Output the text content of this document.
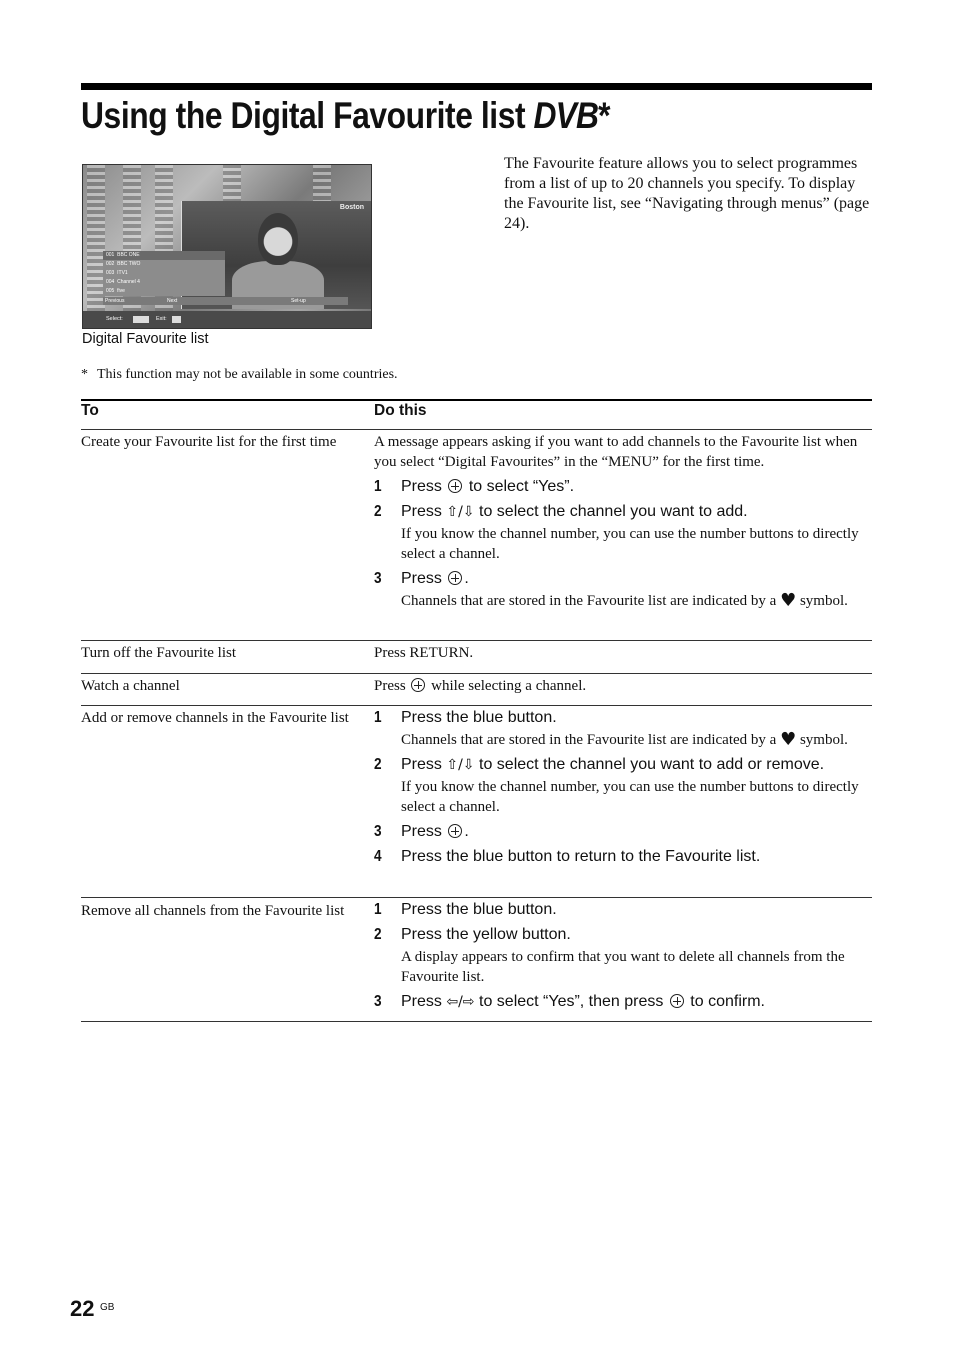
Using the Digital Favourite list DVB*
Boston
001 BBC ONE
002 BBC TWO
003 ITV1
004 Channel 4
005 five
Previous	Next	Set-up
Select:	Exit:
Digital Favourite list
The Favourite feature allows you to select programmes from a list of up to 20 channels you specify. To display the Favourite list, see “Navigating through menus” (page 24).
* This function may not be available in some countries.
To	Do this
Create your Favourite list for the first time	A message appears asking if you want to add channels to the Favourite list when you select “Digital Favourites” in the “MENU” for the first time.
1 Press to select “Yes”.
2 Press ⇧/⇩ to select the channel you want to add.
If you know the channel number, you can use the number buttons to directly select a channel.
3 Press .
Channels that are stored in the Favourite list are indicated by a ♥ symbol.
Turn off the Favourite list	Press RETURN.
Watch a channel	Press while selecting a channel.
Add or remove channels in the Favourite list	1 Press the blue button.
Channels that are stored in the Favourite list are indicated by a ♥ symbol.
2 Press ⇧/⇩ to select the channel you want to add or remove.
If you know the channel number, you can use the number buttons to directly select a channel.
3 Press .
4 Press the blue button to return to the Favourite list.
Remove all channels from the Favourite list	1 Press the blue button.
2 Press the yellow button.
A display appears to confirm that you want to delete all channels from the Favourite list.
3 Press ⇦/⇨ to select “Yes”, then press to confirm.
22 GB
